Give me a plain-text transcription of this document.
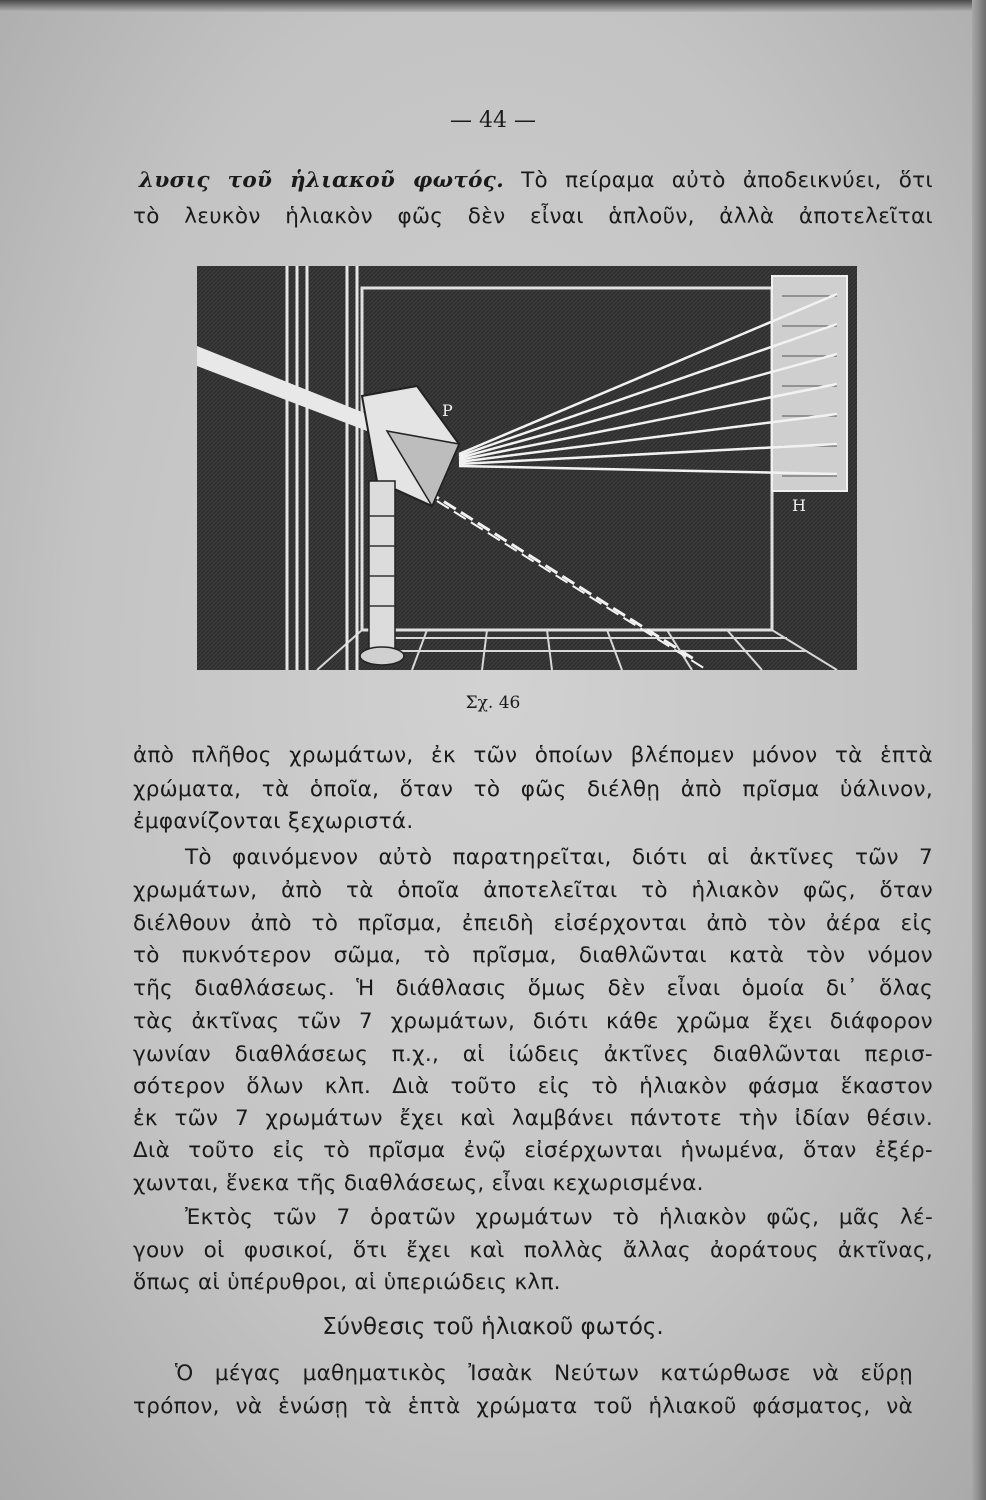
— 44 —
λυσις τοῦ ἡλιακοῦ φωτός. Τὸ πείραμα αὐτὸ ἀποδεικνύει, ὅτι
τὸ λευκὸν ἡλιακὸν φῶς δὲν εἶναι ἁπλοῦν, ἀλλὰ ἀποτελεῖται
P
H
Σχ. 46
ἀπὸ πλῆθος χρωμάτων, ἐκ τῶν ὁποίων βλέπομεν μόνον τὰ ἑπτὰ
χρώματα, τὰ ὁποῖα, ὅταν τὸ φῶς διέλθῃ ἀπὸ πρῖσμα ὑάλινον,
ἐμφανίζονται ξεχωριστά.
Τὸ φαινόμενον αὐτὸ παρατηρεῖται, διότι αἱ ἀκτῖνες τῶν 7
χρωμάτων, ἀπὸ τὰ ὁποῖα ἀποτελεῖται τὸ ἡλιακὸν φῶς, ὅταν
διέλθουν ἀπὸ τὸ πρῖσμα, ἐπειδὴ εἰσέρχονται ἀπὸ τὸν ἀέρα εἰς
τὸ πυκνότερον σῶμα, τὸ πρῖσμα, διαθλῶνται κατὰ τὸν νόμον
τῆς διαθλάσεως. Ἡ διάθλασις ὅμως δὲν εἶναι ὁμοία δι᾽ ὅλας
τὰς ἀκτῖνας τῶν 7 χρωμάτων, διότι κάθε χρῶμα ἔχει διάφορον
γωνίαν διαθλάσεως π.χ., αἱ ἰώδεις ἀκτῖνες διαθλῶνται περισ-
σότερον ὅλων κλπ. Διὰ τοῦτο εἰς τὸ ἡλιακὸν φάσμα ἕκαστον
ἐκ τῶν 7 χρωμάτων ἔχει καὶ λαμβάνει πάντοτε τὴν ἰδίαν θέσιν.
Διὰ τοῦτο εἰς τὸ πρῖσμα ἐνῷ εἰσέρχωνται ἡνωμένα, ὅταν ἐξέρ-
χωνται, ἕνεκα τῆς διαθλάσεως, εἶναι κεχωρισμένα.
Ἐκτὸς τῶν 7 ὁρατῶν χρωμάτων τὸ ἡλιακὸν φῶς, μᾶς λέ-
γουν οἱ φυσικοί, ὅτι ἔχει καὶ πολλὰς ἄλλας ἀοράτους ἀκτῖνας,
ὅπως αἱ ὑπέρυθροι, αἱ ὑπεριώδεις κλπ.
Σύνθεσις τοῦ ἡλιακοῦ φωτός.
Ὁ μέγας μαθηματικὸς Ἰσαὰκ Νεύτων κατώρθωσε νὰ εὕρῃ
τρόπον, νὰ ἑνώσῃ τὰ ἑπτὰ χρώματα τοῦ ἡλιακοῦ φάσματος, νὰ
